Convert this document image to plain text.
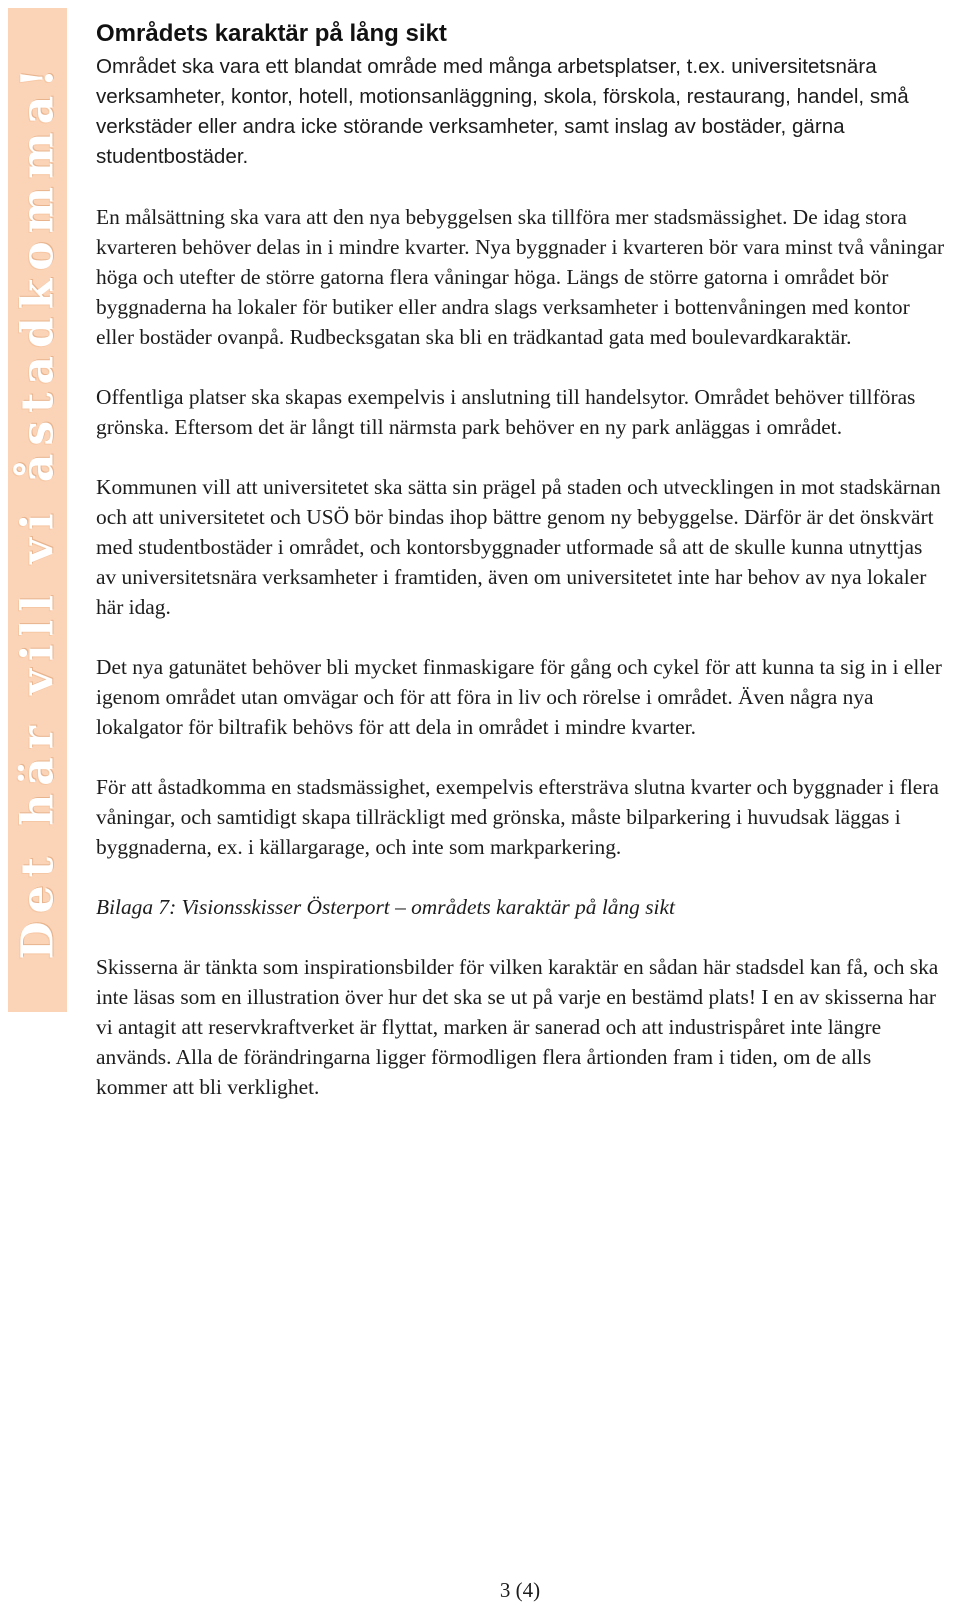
Det här vill vi åstadkomma!
Områdets karaktär på lång sikt

Området ska vara ett blandat område med många arbetsplatser, t.ex. universitetsnära verksamheter, kontor, hotell, motionsanläggning, skola, förskola, restaurang, handel, små verkstäder eller andra icke störande verksamheter, samt inslag av bostäder, gärna studentbostäder.

En målsättning ska vara att den nya bebyggelsen ska tillföra mer stadsmässighet. De idag stora kvarteren behöver delas in i mindre kvarter. Nya byggnader i kvarteren bör vara minst två våningar höga och utefter de större gatorna flera våningar höga. Längs de större gatorna i området bör byggnaderna ha lokaler för butiker eller andra slags verksamheter i bottenvåningen med kontor eller bostäder ovanpå. Rudbecksgatan ska bli en trädkantad gata med boulevardkaraktär.

Offentliga platser ska skapas exempelvis i anslutning till handelsytor. Området behöver tillföras grönska. Eftersom det är långt till närmsta park behöver en ny park anläggas i området.

Kommunen vill att universitetet ska sätta sin prägel på staden och utvecklingen in mot stadskärnan och att universitetet och USÖ bör bindas ihop bättre genom ny bebyggelse. Därför är det önskvärt med studentbostäder i området, och kontorsbyggnader utformade så att de skulle kunna utnyttjas av universitetsnära verksamheter i framtiden, även om universitetet inte har behov av nya lokaler här idag.

Det nya gatunätet behöver bli mycket finmaskigare för gång och cykel för att kunna ta sig in i eller igenom området utan omvägar och för att föra in liv och rörelse i området. Även några nya lokalgator för biltrafik behövs för att dela in området i mindre kvarter.

För att åstadkomma en stadsmässighet, exempelvis eftersträva slutna kvarter och byggnader i flera våningar, och samtidigt skapa tillräckligt med grönska, måste bilparkering i huvudsak läggas i byggnaderna, ex. i källargarage, och inte som markparkering.

Bilaga 7: Visionsskisser Österport – områdets karaktär på lång sikt

Skisserna är tänkta som inspirationsbilder för vilken karaktär en sådan här stadsdel kan få, och ska inte läsas som en illustration över hur det ska se ut på varje en bestämd plats! I en av skisserna har vi antagit att reservkraftverket är flyttat, marken är sanerad och att industrispåret inte längre används. Alla de förändringarna ligger förmodligen flera årtionden fram i tiden, om de alls kommer att bli verklighet.

3 (4)
